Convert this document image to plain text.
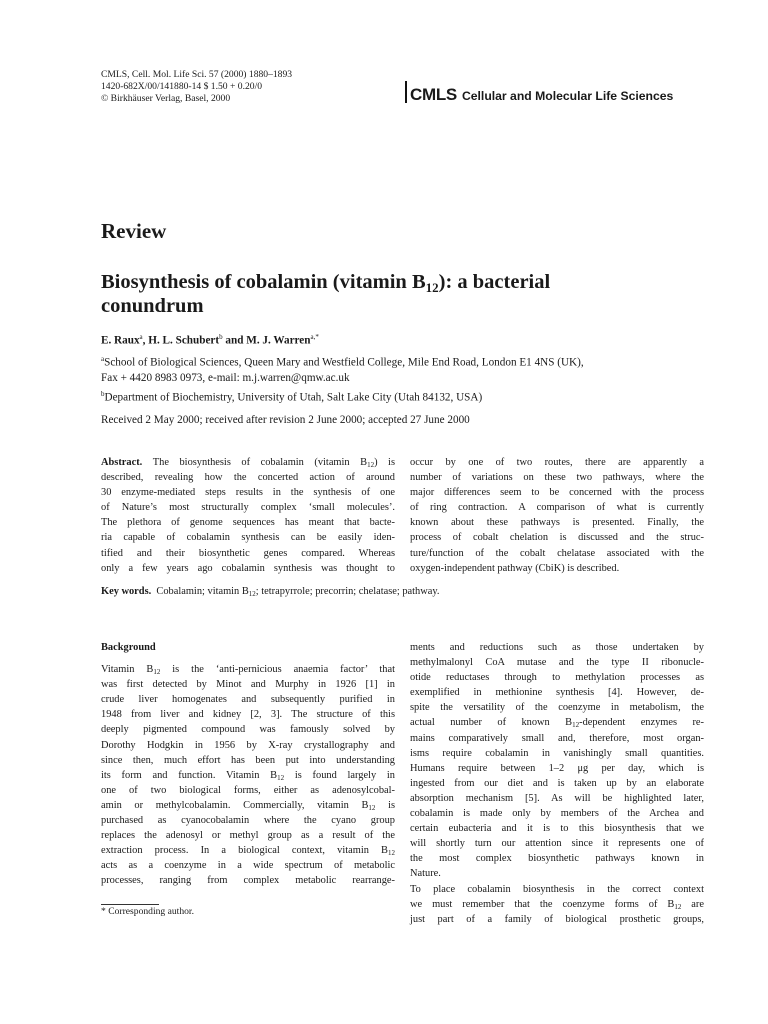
CMLS, Cell. Mol. Life Sci. 57 (2000) 1880–1893
1420-682X/00/141880-14 $ 1.50 + 0.20/0
© Birkhäuser Verlag, Basel, 2000	CMLS Cellular and Molecular Life Sciences
Review
Biosynthesis of cobalamin (vitamin $B_{12}$): a bacterial
conundrum
E. Raux$^a$, H. L. Schubert$^b$ and M. J. Warren$^{a,*}$
$^a$School of Biological Sciences, Queen Mary and Westfield College, Mile End Road, London E1 4NS (UK),
Fax + 4420 8983 0973, e-mail: m.j.warren@qmw.ac.uk
$^b$Department of Biochemistry, University of Utah, Salt Lake City (Utah 84132, USA)
Received 2 May 2000; received after revision 2 June 2000; accepted 27 June 2000
Abstract. The biosynthesis of cobalamin (vitamin $B_{12}$) is
described, revealing how the concerted action of around
30 enzyme-mediated steps results in the synthesis of one
of Nature’s most structurally complex ‘small molecules’.
The plethora of genome sequences has meant that bacte-
ria capable of cobalamin synthesis can be easily iden-
tified and their biosynthetic genes compared. Whereas
only a few years ago cobalamin synthesis was thought to
occur by one of two routes, there are apparently a
number of variations on these two pathways, where the
major differences seem to be concerned with the process
of ring contraction. A comparison of what is currently
known about these pathways is presented. Finally, the
process of cobalt chelation is discussed and the struc-
ture/function of the cobalt chelatase associated with the
oxygen-independent pathway (CbiK) is described.
Key words. Cobalamin; vitamin $B_{12}$; tetrapyrrole; precorrin; chelatase; pathway.
Background
Vitamin $B_{12}$ is the ‘anti-pernicious anaemia factor’ that
was first detected by Minot and Murphy in 1926 [1] in
crude liver homogenates and subsequently purified in
1948 from liver and kidney [2, 3]. The structure of this
deeply pigmented compound was famously solved by
Dorothy Hodgkin in 1956 by X-ray crystallography and
since then, much effort has been put into understanding
its form and function. Vitamin $B_{12}$ is found largely in
one of two biological forms, either as adenosylcobal-
amin or methylcobalamin. Commercially, vitamin $B_{12}$ is
purchased as cyanocobalamin where the cyano group
replaces the adenosyl or methyl group as a result of the
extraction process. In a biological context, vitamin $B_{12}$
acts as a coenzyme in a wide spectrum of metabolic
processes, ranging from complex metabolic rearrange-
ments and reductions such as those undertaken by
methylmalonyl CoA mutase and the type II ribonucle-
otide reductases through to methylation processes as
exemplified in methionine synthesis [4]. However, de-
spite the versatility of the coenzyme in metabolism, the
actual number of known $B_{12}$-dependent enzymes re-
mains comparatively small and, therefore, most organ-
isms require cobalamin in vanishingly small quantities.
Humans require between 1–2 μg per day, which is
ingested from our diet and is taken up by an elaborate
absorption mechanism [5]. As will be highlighted later,
cobalamin is made only by members of the Archea and
certain eubacteria and it is to this biosynthesis that we
will shortly turn our attention since it represents one of
the most complex biosynthetic pathways known in
Nature.
To place cobalamin biosynthesis in the correct context
we must remember that the coenzyme forms of $B_{12}$ are
just part of a family of biological prosthetic groups,
* Corresponding author.
